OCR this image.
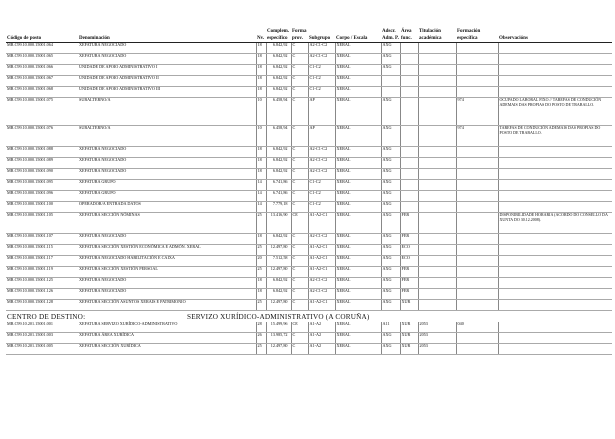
			Complem.	Forma			Adscr.	Área	Titulación	Formación	
Código de posto	Denominación	Nv.	específico	prov.	Subgrupo	Corpo / Escala	Adm. P.	func.	académica	específica	Observacións
MR.C99.10.000.15001.064	XEFATURA NEGOCIADO	18	6.842,92	C	A2-C1-C2	XERAL	AXG				
MR.C99.10.000.15001.065	XEFATURA NEGOCIADO	18	6.842,92	C	A2-C1-C2	XERAL	AXG				
MR.C99.10.000.15001.066	UNIDADE DE APOIO ADMINISTRATIVO I	18	6.842,92	C	C1-C2	XERAL	AXG				
MR.C99.10.000.15001.067	UNIDADE DE APOIO ADMINISTRATIVO II	18	6.842,92	C	C1-C2	XERAL					
MR.C99.10.000.15001.068	UNIDADE DE APOIO ADMINISTRATIVO III	18	6.842,92	C	C1-C2	XERAL					
MR.C99.10.000.15001.075	SUBALTERNO/A	10	6.458,94	C	AP	XERAL	AXG			974	OCUPADO LABORAL FIXO // TAREFAS DE CONDUCIÓN ADEMAIS DAS PROPIAS DO POSTO DE TRABALLO.
MR.C99.10.000.15001.076	SUBALTERNO/A	10	6.458,94	C	AP	XERAL	AXG			974	TAREFAS DE CONDUCIÓN ADEMAIS DAS PROPIAS DO POSTO DE TRABALLO.
MR.C99.10.000.15001.088	XEFATURA NEGOCIADO	18	6.842,92	C	A2-C1-C2	XERAL	AXG				
MR.C99.10.000.15001.089	XEFATURA NEGOCIADO	18	6.842,92	C	A2-C1-C2	XERAL	AXG				
MR.C99.10.000.15001.090	XEFATURA NEGOCIADO	18	6.842,92	C	A2-C1-C2	XERAL	AXG				
MR.C99.10.000.15001.095	XEFATURA GRUPO	14	6.741,86	C	C1-C2	XERAL	AXG				
MR.C99.10.000.15001.096	XEFATURA GRUPO	14	6.741,86	C	C1-C2	XERAL	AXG				
MR.C99.10.000.15001.100	OPERADOR/A ENTRADA DATOS	14	7.779,18	C	C1-C2	XERAL	AXG				
MR.C99.10.000.15001.105	XEFATURA SECCIÓN NÓMINAS	25	13.416,90	CE	A1-A2-C1	XERAL	AXG	FER			DISPONIBILIDADE HORARIA (ACORDO DO CONSELLO DA XUNTA DO 30.12.2008).
MR.C99.10.000.15001.107	XEFATURA NEGOCIADO	18	6.842,92	C	A2-C1-C2	XERAL	AXG	FER			
MR.C99.10.000.15001.115	XEFATURA SECCIÓN XESTIÓN ECONÓMICA E ADMÓN. XERAL	25	12.497,80	C	A1-A2-C1	XERAL	AXG	ECO			
MR.C99.10.000.15001.117	XEFATURA NEGOCIADO HABILITACIÓN E CAIXA	20	7.512,58	C	A1-A2-C1	XERAL	AXG	ECO			
MR.C99.10.000.15001.119	XEFATURA SECCIÓN XESTIÓN PERSOAL	25	12.497,80	C	A1-A2-C1	XERAL	AXG	FER			
MR.C99.10.000.15001.125	XEFATURA NEGOCIADO	18	6.842,92	C	A2-C1-C2	XERAL	AXG	FER			
MR.C99.10.000.15001.126	XEFATURA NEGOCIADO	18	6.842,92	C	A2-C1-C2	XERAL	AXG	FER			
MR.C99.10.000.15001.128	XEFATURA SECCIÓN ASUNTOS XERAIS E PATRIMONIO	25	12.497,80	C	A1-A2-C1	XERAL	AXG	XUR			
CENTRO DE DESTINO:		SERVIZO XURÍDICO-ADMINISTRATIVO (A CORUÑA)									
MR.C99.10.201.15001.001	XEFATURA SERVIZO XURÍDICO-ADMINISTRATIVO	28	15.499,96	CE	A1-A2	XERAL	A11	XUR	2053	040	
MR.C99.10.201.15001.003	XEFATURA ÁREA XURÍDICA	26	13.985,72	C	A1-A2	XERAL	AXG	XUR	2053		
MR.C99.10.201.15001.005	XEFATURA SECCIÓN XURÍDICA	25	12.497,80	C	A1-A2	XERAL	AXG	XUR	2053		
